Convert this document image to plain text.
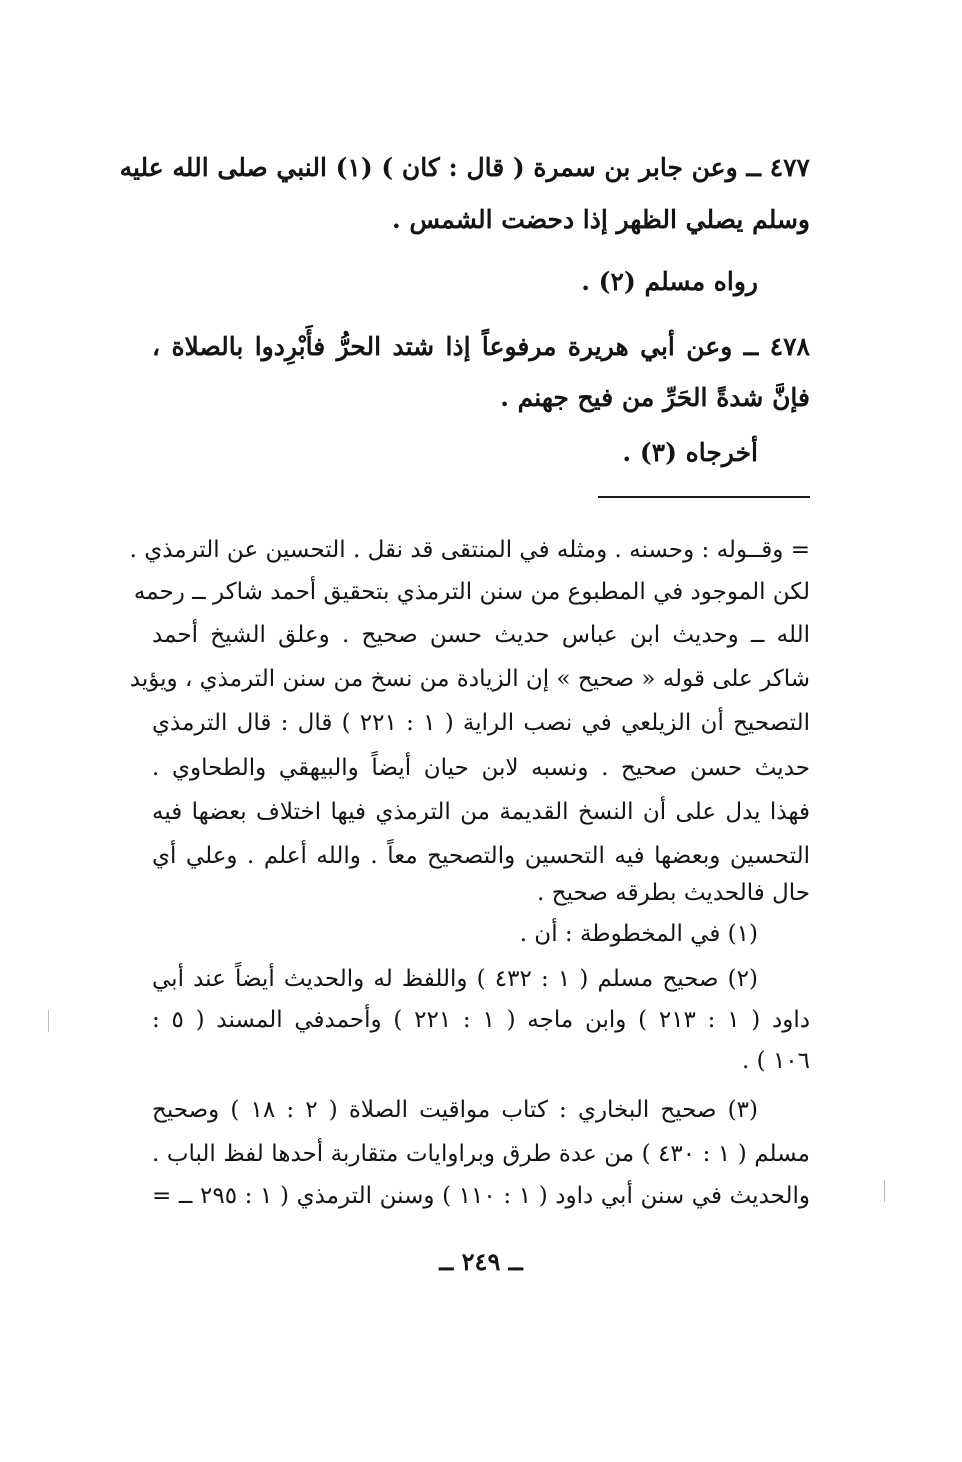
٤٧٧ ــ وعن جابر بن سمرة ( قال : كان ) (١) النبي صلى الله عليه
وسلم يصلي الظهر إذا دحضت الشمس .
رواه مسلم (٢) .
٤٧٨ ــ وعن أبي هريرة مرفوعاً إذا شتد الحرُّ فأَبْرِدوا بالصلاة ،
فإنَّ شدةً الحَرِّ من فيح جهنم .
أخرجاه (٣) .
= وقــوله : وحسنه . ومثله في المنتقى قد نقل . التحسين عن الترمذي .
لكن الموجود في المطبوع من سنن الترمذي بتحقيق أحمد شاكر ــ رحمه
الله ــ وحديث ابن عباس حديث حسن صحيح . وعلق الشيخ أحمد
شاكر على قوله « صحيح » إن الزيادة من نسخ من سنن الترمذي ، ويؤيد
التصحيح أن الزيلعي في نصب الراية ( ١ : ٢٢١ ) قال : قال الترمذي
حديث حسن صحيح . ونسبه لابن حيان أيضاً والبيهقي والطحاوي .
فهذا يدل على أن النسخ القديمة من الترمذي فيها اختلاف بعضها فيه
التحسين وبعضها فيه التحسين والتصحيح معاً . والله أعلم . وعلي أي
حال فالحديث بطرقه صحيح .
(١) في المخطوطة : أن .
(٢) صحيح مسلم ( ١ : ٤٣٢ ) واللفظ له والحديث أيضاً عند أبي
داود ( ١ : ٢١٣ ) وابن ماجه ( ١ : ٢٢١ ) وأحمدفي المسند ( ٥ :
١٠٦ ) .
(٣) صحيح البخاري : كتاب مواقيت الصلاة ( ٢ : ١٨ ) وصحيح
مسلم ( ١ : ٤٣٠ ) من عدة طرق وبراوايات متقاربة أحدها لفظ الباب .
والحديث في سنن أبي داود ( ١ : ١١٠ ) وسنن الترمذي ( ١ : ٢٩٥ ــ =
ــ ٢٤٩ ــ
